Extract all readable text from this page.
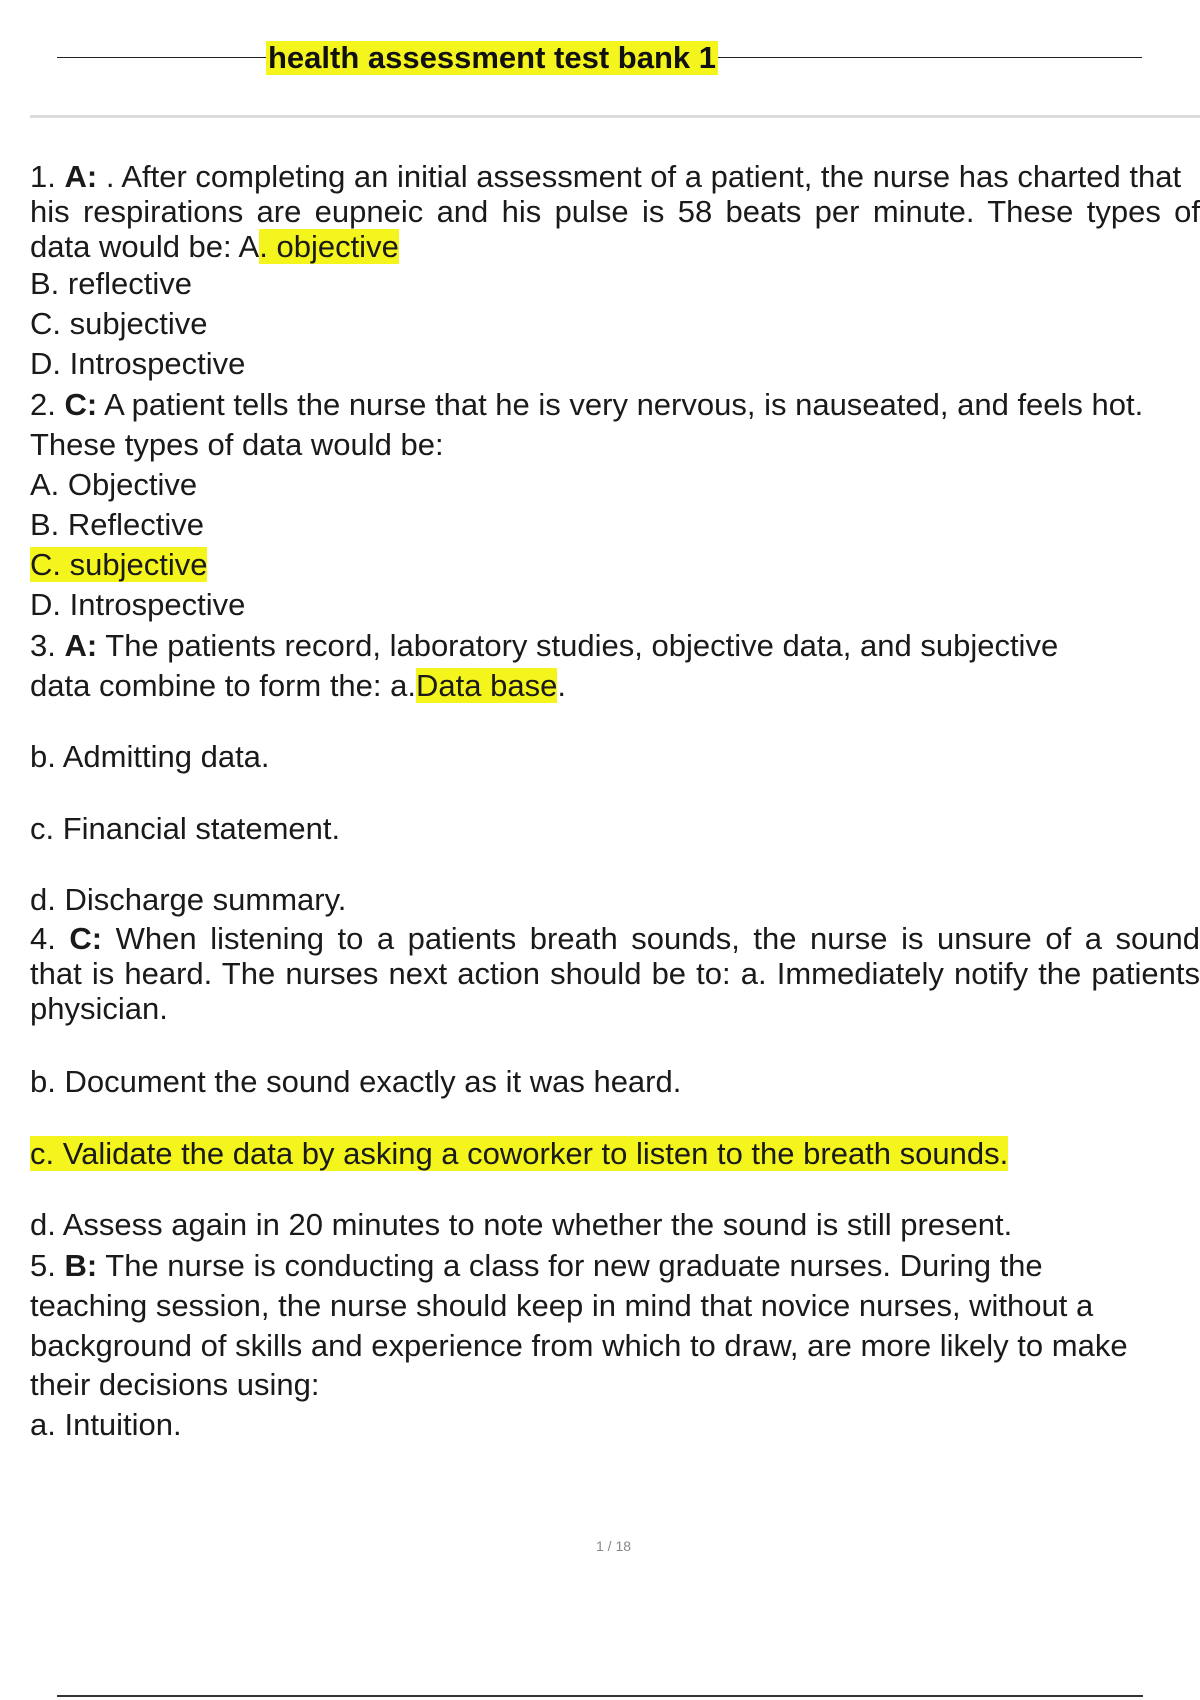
health assessment test bank 1
1. A: . After completing an initial assessment of a patient, the nurse has charted that
his respirations are eupneic and his pulse is 58 beats per minute. These types of
data would be: A. objective
B. reflective
C. subjective
D. Introspective
2. C: A patient tells the nurse that he is very nervous, is nauseated, and feels hot.
These types of data would be:
A. Objective
B. Reflective
C. subjective
D. Introspective
3. A: The patients record, laboratory studies, objective data, and subjective
data combine to form the: a.Data base.
b. Admitting data.
c. Financial statement.
d. Discharge summary.
4. C: When listening to a patients breath sounds, the nurse is unsure of a sound
that is heard. The nurses next action should be to: a. Immediately notify the patients
physician.
b. Document the sound exactly as it was heard.
c. Validate the data by asking a coworker to listen to the breath sounds.
d. Assess again in 20 minutes to note whether the sound is still present.
5. B: The nurse is conducting a class for new graduate nurses. During the
teaching session, the nurse should keep in mind that novice nurses, without a
background of skills and experience from which to draw, are more likely to make
their decisions using:
a. Intuition.
1 / 18
